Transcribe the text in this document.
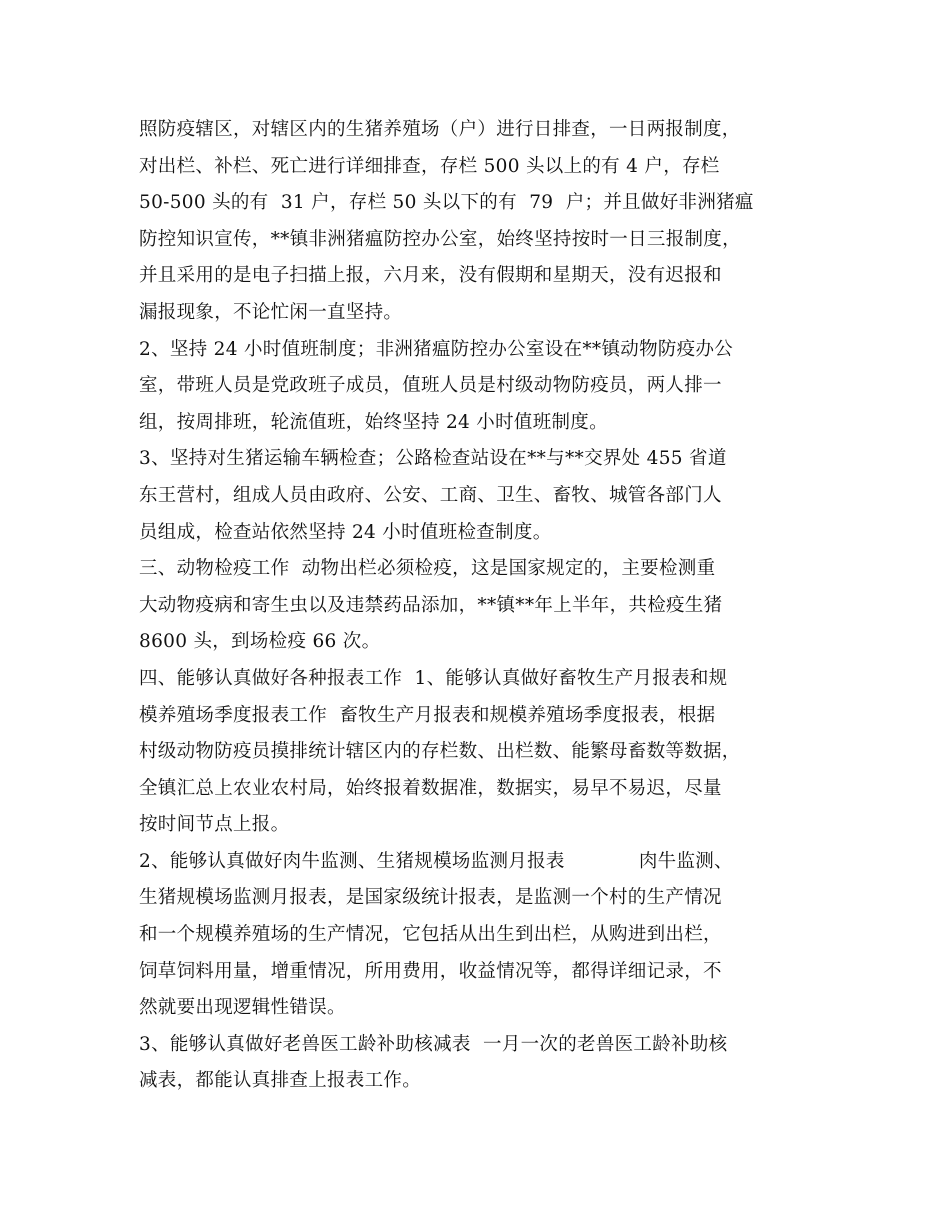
照防疫辖区，对辖区内的生猪养殖场（户）进行日排查，一日两报制度，
对出栏、补栏、死亡进行详细排查，存栏 500 头以上的有 4 户，存栏
50-500 头的有  31 户，存栏 50 头以下的有  79  户；并且做好非洲猪瘟
防控知识宣传，**镇非洲猪瘟防控办公室，始终坚持按时一日三报制度，
并且采用的是电子扫描上报，六月来，没有假期和星期天，没有迟报和
漏报现象，不论忙闲一直坚持。
2、坚持 24 小时值班制度；非洲猪瘟防控办公室设在**镇动物防疫办公
室，带班人员是党政班子成员，值班人员是村级动物防疫员，两人排一
组，按周排班，轮流值班，始终坚持 24 小时值班制度。
3、坚持对生猪运输车辆检查；公路检查站设在**与**交界处 455 省道
东王营村，组成人员由政府、公安、工商、卫生、畜牧、城管各部门人
员组成，检查站依然坚持 24 小时值班检查制度。
三、动物检疫工作  动物出栏必须检疫，这是国家规定的，主要检测重
大动物疫病和寄生虫以及违禁药品添加，**镇**年上半年，共检疫生猪
8600 头，到场检疫 66 次。
四、能够认真做好各种报表工作  1、能够认真做好畜牧生产月报表和规
模养殖场季度报表工作  畜牧生产月报表和规模养殖场季度报表，根据
村级动物防疫员摸排统计辖区内的存栏数、出栏数、能繁母畜数等数据，
全镇汇总上农业农村局，始终报着数据准，数据实，易早不易迟，尽量
按时间节点上报。
2、能够认真做好肉牛监测、生猪规模场监测月报表            肉牛监测、
生猪规模场监测月报表，是国家级统计报表，是监测一个村的生产情况
和一个规模养殖场的生产情况，它包括从出生到出栏，从购进到出栏，
饲草饲料用量，增重情况，所用费用，收益情况等，都得详细记录，不
然就要出现逻辑性错误。
3、能够认真做好老兽医工龄补助核减表  一月一次的老兽医工龄补助核
减表，都能认真排查上报表工作。
